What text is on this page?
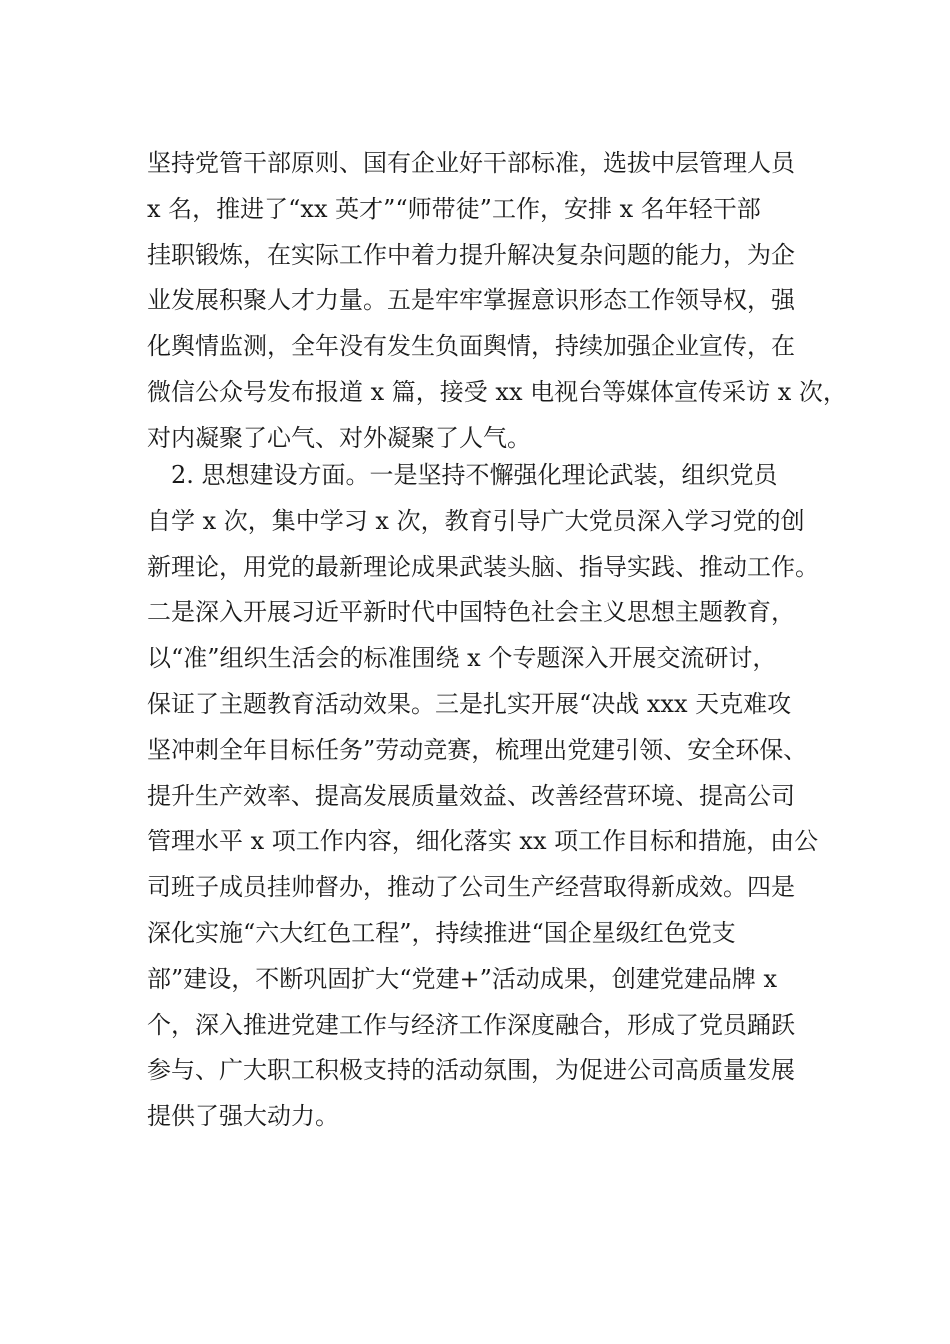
坚持党管干部原则、国有企业好干部标准，选拔中层管理人员
x 名，推进了“xx 英才”“师带徒”工作，安排 x 名年轻干部
挂职锻炼，在实际工作中着力提升解决复杂问题的能力，为企
业发展积聚人才力量。五是牢牢掌握意识形态工作领导权，强
化舆情监测，全年没有发生负面舆情，持续加强企业宣传，在
微信公众号发布报道 x 篇，接受 xx 电视台等媒体宣传采访 x 次，
对内凝聚了心气、对外凝聚了人气。
2. 思想建设方面。一是坚持不懈强化理论武装，组织党员
自学 x 次，集中学习 x 次，教育引导广大党员深入学习党的创
新理论，用党的最新理论成果武装头脑、指导实践、推动工作。
二是深入开展习近平新时代中国特色社会主义思想主题教育，
以“准”组织生活会的标准围绕 x 个专题深入开展交流研讨，
保证了主题教育活动效果。三是扎实开展“决战 xxx 天克难攻
坚冲刺全年目标任务”劳动竞赛，梳理出党建引领、安全环保、
提升生产效率、提高发展质量效益、改善经营环境、提高公司
管理水平 x 项工作内容，细化落实 xx 项工作目标和措施，由公
司班子成员挂帅督办，推动了公司生产经营取得新成效。四是
深化实施“六大红色工程”，持续推进“国企星级红色党支
部”建设，不断巩固扩大“党建+”活动成果，创建党建品牌 x
个，深入推进党建工作与经济工作深度融合，形成了党员踊跃
参与、广大职工积极支持的活动氛围，为促进公司高质量发展
提供了强大动力。
